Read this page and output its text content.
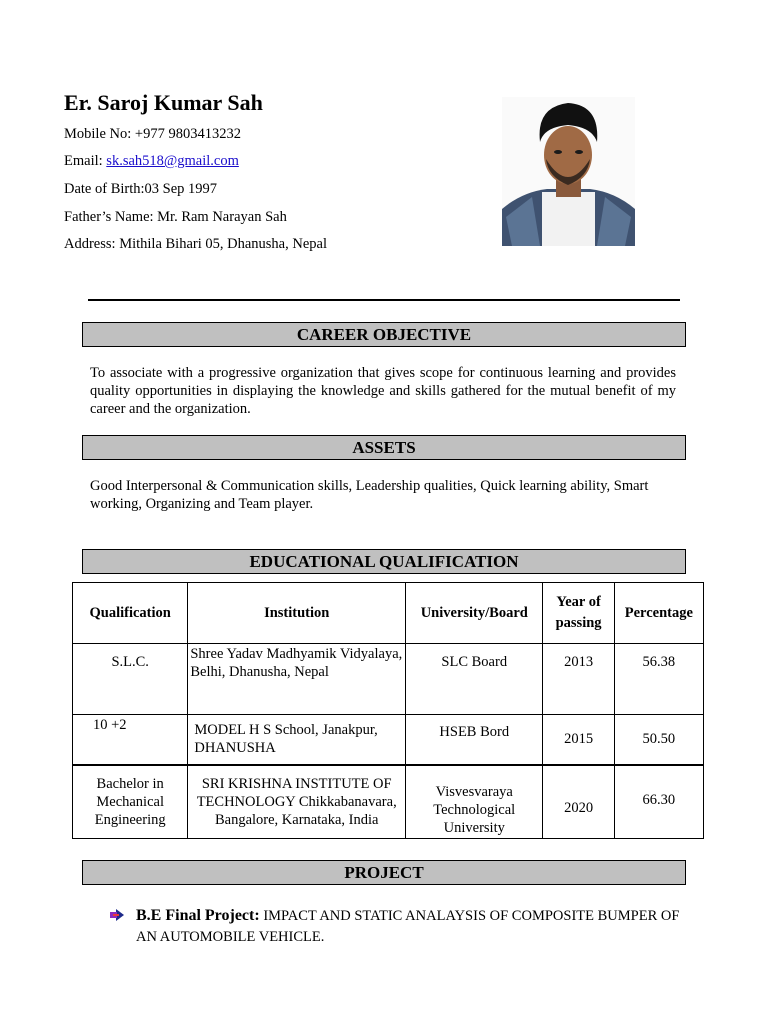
Er. Saroj Kumar Sah
Mobile No: +977 9803413232
Email: sk.sah518@gmail.com
Date of Birth:03 Sep 1997
Father’s Name: Mr. Ram Narayan Sah
Address: Mithila Bihari 05, Dhanusha, Nepal
CAREER OBJECTIVE
To associate with a progressive organization that gives scope for continuous learning and provides quality opportunities in displaying the knowledge and skills gathered for the mutual benefit of my career and the organization.
ASSETS
Good Interpersonal & Communication skills, Leadership qualities, Quick learning ability, Smart working, Organizing and Team player.
EDUCATIONAL QUALIFICATION
Qualification	Institution	University/Board	Year of passing	Percentage
S.L.C.	Shree Yadav Madhyamik Vidyalaya, Belhi, Dhanusha, Nepal	SLC Board	2013	56.38
10 +2	MODEL H S School, Janakpur, DHANUSHA	HSEB Bord	2015	50.50
Bachelor in Mechanical Engineering	SRI KRISHNA INSTITUTE OF TECHNOLOGY Chikkabanavara, Bangalore, Karnataka, India	Visvesvaraya Technological University	2020	66.30
PROJECT
B.E Final Project: IMPACT AND STATIC ANALAYSIS OF COMPOSITE BUMPER OF AN AUTOMOBILE VEHICLE.
